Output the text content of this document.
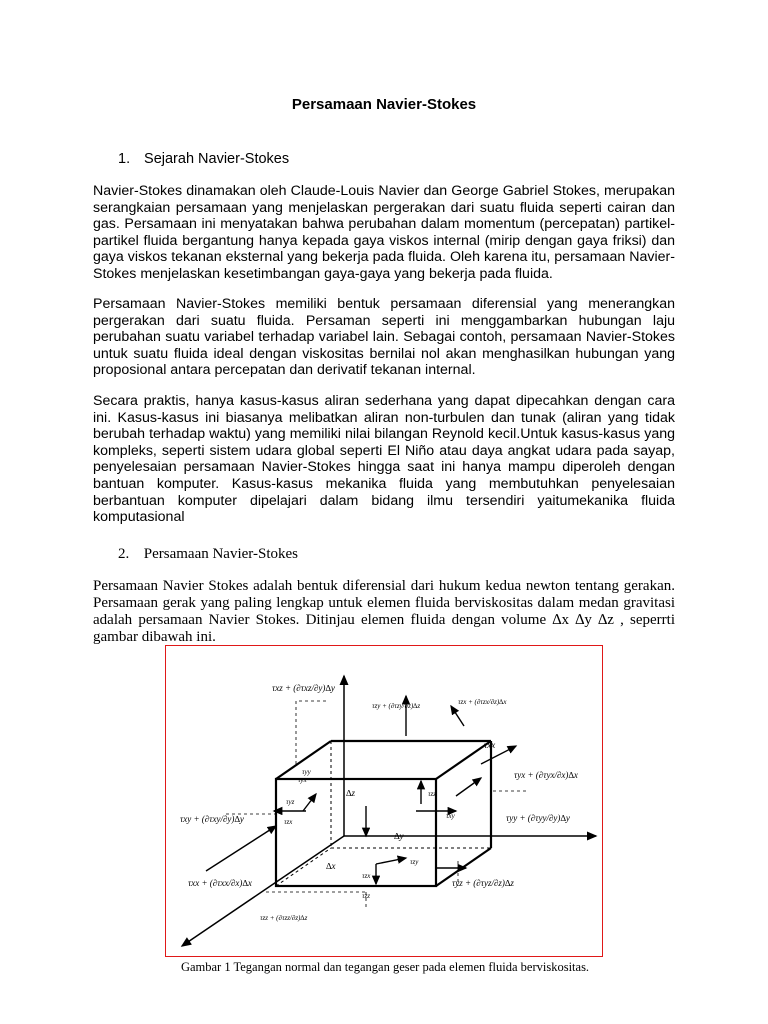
Persamaan Navier-Stokes
1. Sejarah Navier-Stokes
Navier-Stokes dinamakan oleh Claude-Louis Navier dan George Gabriel Stokes, merupakan serangkaian persamaan yang menjelaskan pergerakan dari suatu fluida seperti cairan dan gas. Persamaan ini menyatakan bahwa perubahan dalam momentum (percepatan) partikel-partikel fluida bergantung hanya kepada gaya viskos internal (mirip dengan gaya friksi) dan gaya viskos tekanan eksternal yang bekerja pada fluida. Oleh karena itu, persamaan Navier-Stokes menjelaskan kesetimbangan gaya-gaya yang bekerja pada fluida.
Persamaan Navier-Stokes memiliki bentuk persamaan diferensial yang menerangkan pergerakan dari suatu fluida. Persaman seperti ini menggambarkan hubungan laju perubahan suatu variabel terhadap variabel lain. Sebagai contoh, persamaan Navier-Stokes untuk suatu fluida ideal dengan viskositas bernilai nol akan menghasilkan hubungan yang proposional antara percepatan dan derivatif tekanan internal.
Secara praktis, hanya kasus-kasus aliran sederhana yang dapat dipecahkan dengan cara ini. Kasus-kasus ini biasanya melibatkan aliran non-turbulen dan tunak (aliran yang tidak berubah terhadap waktu) yang memiliki nilai bilangan Reynold kecil.Untuk kasus-kasus yang kompleks, seperti sistem udara global seperti El Niño atau daya angkat udara pada sayap, penyelesaian persamaan Navier-Stokes hingga saat ini hanya mampu diperoleh dengan bantuan komputer. Kasus-kasus mekanika fluida yang membutuhkan penyelesaian berbantuan komputer dipelajari dalam bidang ilmu tersendiri yaitumekanika fluida komputasional
2. Persamaan Navier-Stokes
Persamaan Navier Stokes adalah bentuk diferensial dari hukum kedua newton tentang gerakan. Persamaan gerak yang paling lengkap untuk elemen fluida berviskositas dalam medan gravitasi adalah persamaan Navier Stokes. Ditinjau elemen fluida dengan volume ∆x ∆y ∆z , seperrti gambar dibawah ini.
τxz + (∂τxz/∂y)∆y
τzy + (∂τzy/∂z)∆z	τzx + (∂τzx/∂z)∆x
τxx
τyx + (∂τyx/∂x)∆x
τyy + (∂τyy/∂y)∆y
τxy + (∂τxy/∂y)∆y
τxx + (∂τxx/∂x)∆x	τyz + (∂τyz/∂z)∆z
τzz + (∂τzz/∂z)∆z
∆z
∆y
∆x
τyz
τzx
τzz
τxy
τzy
τzx
τzz
τyx
τyy
Gambar 1 Tegangan normal dan tegangan geser pada elemen fluida berviskositas.
